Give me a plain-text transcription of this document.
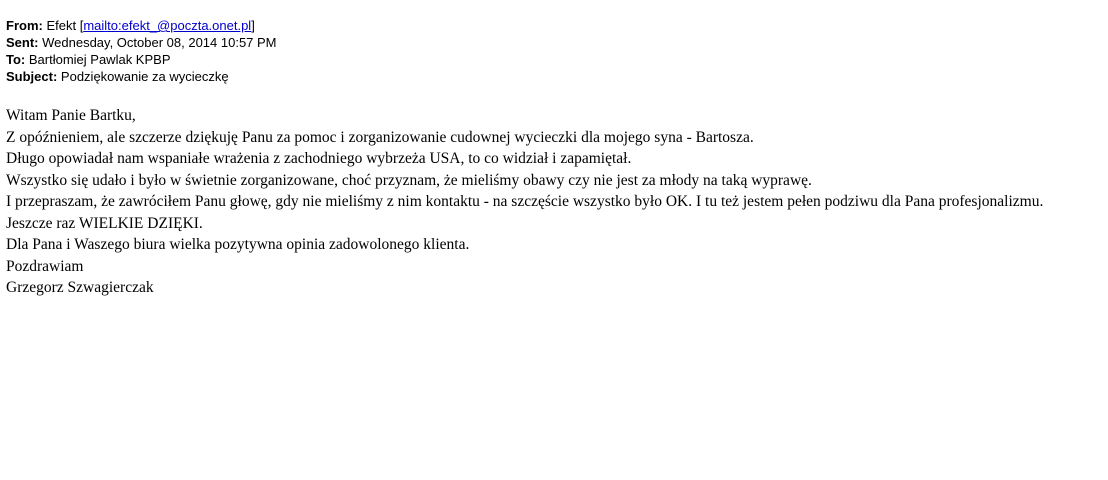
From: Efekt [mailto:efekt_@poczta.onet.pl]
Sent: Wednesday, October 08, 2014 10:57 PM
To: Bartłomiej Pawlak KPBP
Subject: Podziękowanie za wycieczkę
Witam Panie Bartku,
Z opóźnieniem, ale szczerze dziękuję Panu za pomoc i zorganizowanie cudownej wycieczki dla mojego syna - Bartosza.
Długo opowiadał nam wspaniałe wrażenia z zachodniego wybrzeża USA, to co widział i zapamiętał.
Wszystko się udało i było w świetnie zorganizowane, choć przyznam, że mieliśmy obawy czy nie jest za młody na taką wyprawę.
I przepraszam, że zawróciłem Panu głowę, gdy nie mieliśmy z nim kontaktu - na szczęście wszystko było OK. I tu też jestem pełen podziwu dla Pana profesjonalizmu.
Jeszcze raz WIELKIE DZIĘKI.
Dla Pana i Waszego biura wielka pozytywna opinia zadowolonego klienta.
Pozdrawiam
Grzegorz Szwagierczak
